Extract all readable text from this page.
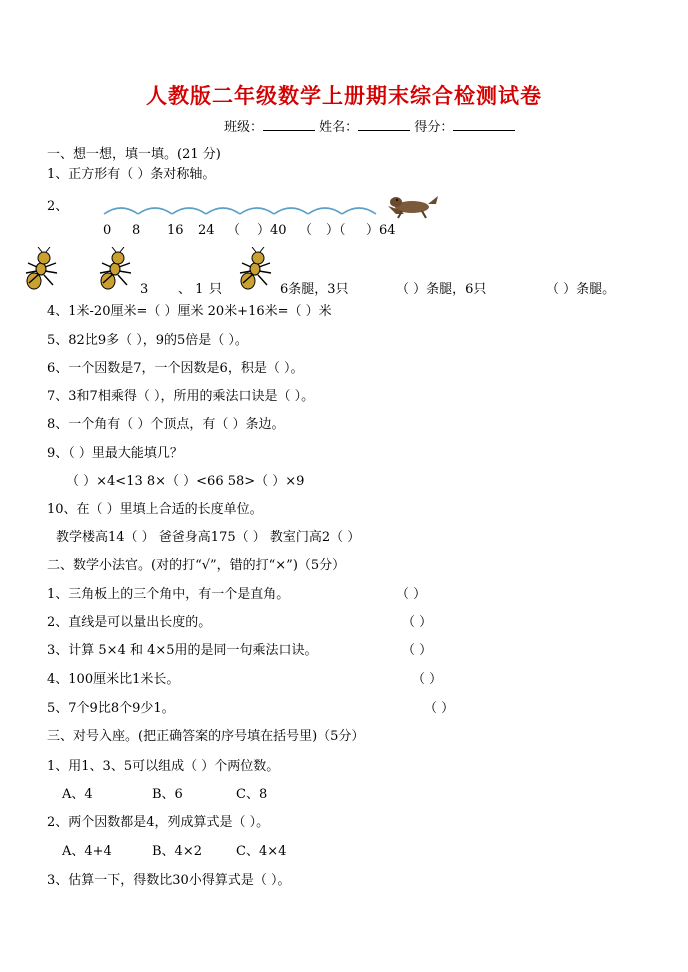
人教版二年级数学上册期末综合检测试卷
班级：	姓名：	得分：
一、想一想，填一填。(21 分)
1、正方形有（ ）条对称轴。
2、
0 8 16 24 （ ）40 （ ）（ ）64
3 、 1 只	6条腿，3只	（ ）条腿，6只	（ ）条腿。
4、1米-20厘米=（ ）厘米 20米+16米=（ ）米
5、82比9多（ ），9的5倍是（ ）。
6、一个因数是7，一个因数是6，积是（ ）。
7、3和7相乘得（ ），所用的乘法口诀是（ ）。
8、一个角有（ ）个顶点，有（ ）条边。
9、（ ）里最大能填几？
（ ）×4<13 8×（ ）<66 58>（ ）×9
10、在（ ）里填上合适的长度单位。
教学楼高14（ ） 爸爸身高175（ ） 教室门高2（ ）
二、数学小法官。(对的打“√”，错的打“×”)（5分）
1、三角板上的三个角中，有一个是直角。	（ ）
2、直线是可以量出长度的。	（ ）
3、计算 5×4 和 4×5用的是同一句乘法口诀。	（ ）
4、100厘米比1米长。	（ ）
5、7个9比8个9少1。	（ ）
三、对号入座。(把正确答案的序号填在括号里)（5分）
1、用1、3、5可以组成（ ）个两位数。
A、4	B、6	C、8
2、两个因数都是4，列成算式是（ ）。
A、4+4	B、4×2	C、4×4
3、估算一下，得数比30小得算式是（ ）。
